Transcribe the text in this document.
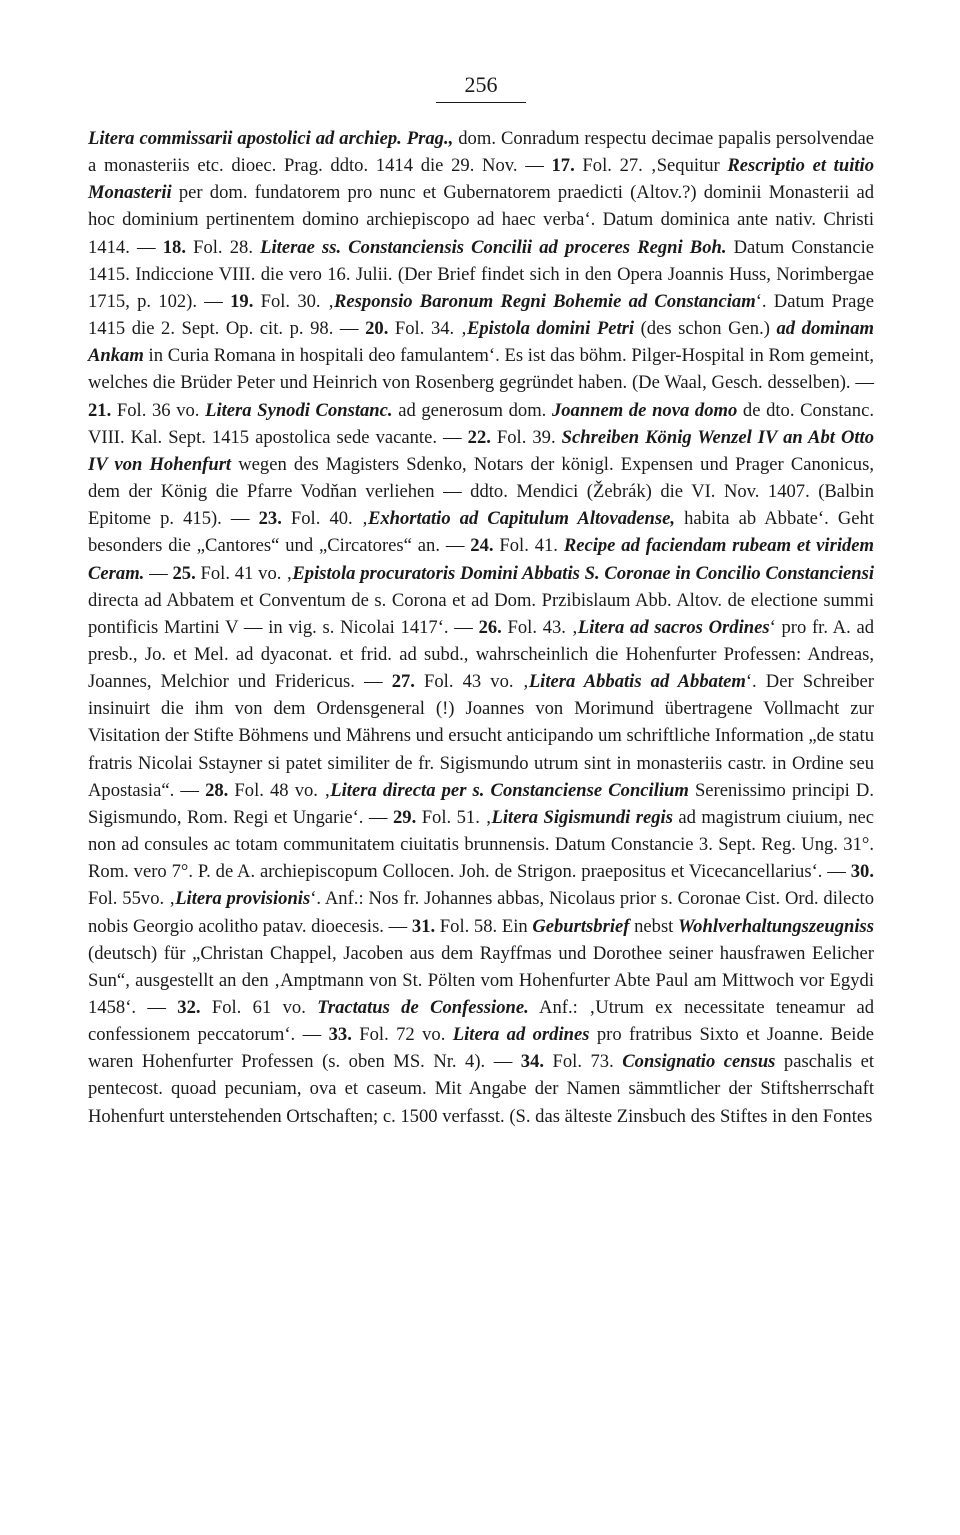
256

Litera commissarii apostolici ad archiep. Prag., dom. Conradum respectu decimae papalis persolvendae a monasteriis etc. dioec. Prag. ddto. 1414 die 29. Nov. — 17. Fol. 27. ‚Sequitur Rescriptio et tuitio Monasterii per dom. fundatorem pro nunc et Gubernatorem praedicti (Altov.?) dominii Monasterii ad hoc dominium pertinentem domino archiepiscopo ad haec verba‘. Datum dominica ante nativ. Christi 1414. — 18. Fol. 28. Literae ss. Constanciensis Concilii ad proceres Regni Boh. Datum Constancie 1415. Indiccione VIII. die vero 16. Julii. (Der Brief findet sich in den Opera Joannis Huss, Norimbergae 1715, p. 102). — 19. Fol. 30. ‚Responsio Baronum Regni Bohemie ad Constanciam‘. Datum Prage 1415 die 2. Sept. Op. cit. p. 98. — 20. Fol. 34. ‚Epistola domini Petri (des schon Gen.) ad dominam Ankam in Curia Romana in hospitali deo famulantem‘. Es ist das böhm. Pilger-Hospital in Rom gemeint, welches die Brüder Peter und Heinrich von Rosenberg gegründet haben. (De Waal, Gesch. desselben). — 21. Fol. 36 vo. Litera Synodi Constanc. ad generosum dom. Joannem de nova domo de dto. Constanc. VIII. Kal. Sept. 1415 apostolica sede vacante. — 22. Fol. 39. Schreiben König Wenzel IV an Abt Otto IV von Hohenfurt wegen des Magisters Sdenko, Notars der königl. Expensen und Prager Canonicus, dem der König die Pfarre Vodňan verliehen — ddto. Mendici (Žebrák) die VI. Nov. 1407. (Balbin Epitome p. 415). — 23. Fol. 40. ‚Exhortatio ad Capitulum Altovadense, habita ab Abbate‘. Geht besonders die „Cantores“ und „Circatores“ an. — 24. Fol. 41. Recipe ad faciendam rubeam et viridem Ceram. — 25. Fol. 41 vo. ‚Epistola procuratoris Domini Abbatis S. Coronae in Concilio Constanciensi directa ad Abbatem et Conventum de s. Corona et ad Dom. Przibislaum Abb. Altov. de electione summi pontificis Martini V — in vig. s. Nicolai 1417‘. — 26. Fol. 43. ‚Litera ad sacros Ordines‘ pro fr. A. ad presb., Jo. et Mel. ad dyaconat. et frid. ad subd., wahrscheinlich die Hohenfurter Professen: Andreas, Joannes, Melchior und Fridericus. — 27. Fol. 43 vo. ‚Litera Abbatis ad Abbatem‘. Der Schreiber insinuirt die ihm von dem Ordensgeneral (!) Joannes von Morimund übertragene Vollmacht zur Visitation der Stifte Böhmens und Mährens und ersucht anticipando um schriftliche Information „de statu fratris Nicolai Sstayner si patet similiter de fr. Sigismundo utrum sint in monasteriis castr. in Ordine seu Apostasia“. — 28. Fol. 48 vo. ‚Litera directa per s. Constanciense Concilium Serenissimo principi D. Sigismundo, Rom. Regi et Ungarie‘. — 29. Fol. 51. ‚Litera Sigismundi regis ad magistrum ciuium, nec non ad consules ac totam communitatem ciuitatis brunnensis. Datum Constancie 3. Sept. Reg. Ung. 31°. Rom. vero 7°. P. de A. archiepiscopum Collocen. Joh. de Strigon. praepositus et Vicecancellarius‘. — 30. Fol. 55vo. ‚Litera provisionis‘. Anf.: Nos fr. Johannes abbas, Nicolaus prior s. Coronae Cist. Ord. dilecto nobis Georgio acolitho patav. dioecesis. — 31. Fol. 58. Ein Geburtsbrief nebst Wohlverhaltungszeugniss (deutsch) für „Christan Chappel, Jacoben aus dem Rayffmas und Dorothee seiner hausfrawen Eelicher Sun“, ausgestellt an den ‚Amptmann von St. Pölten vom Hohenfurter Abte Paul am Mittwoch vor Egydi 1458‘. — 32. Fol. 61 vo. Tractatus de Confessione. Anf.: ‚Utrum ex necessitate teneamur ad confessionem peccatorum‘. — 33. Fol. 72 vo. Litera ad ordines pro fratribus Sixto et Joanne. Beide waren Hohenfurter Professen (s. oben MS. Nr. 4). — 34. Fol. 73. Consignatio census paschalis et pentecost. quoad pecuniam, ova et caseum. Mit Angabe der Namen sämmtlicher der Stiftsherrschaft Hohenfurt unterstehenden Ortschaften; c. 1500 verfasst. (S. das älteste Zinsbuch des Stiftes in den Fontes
